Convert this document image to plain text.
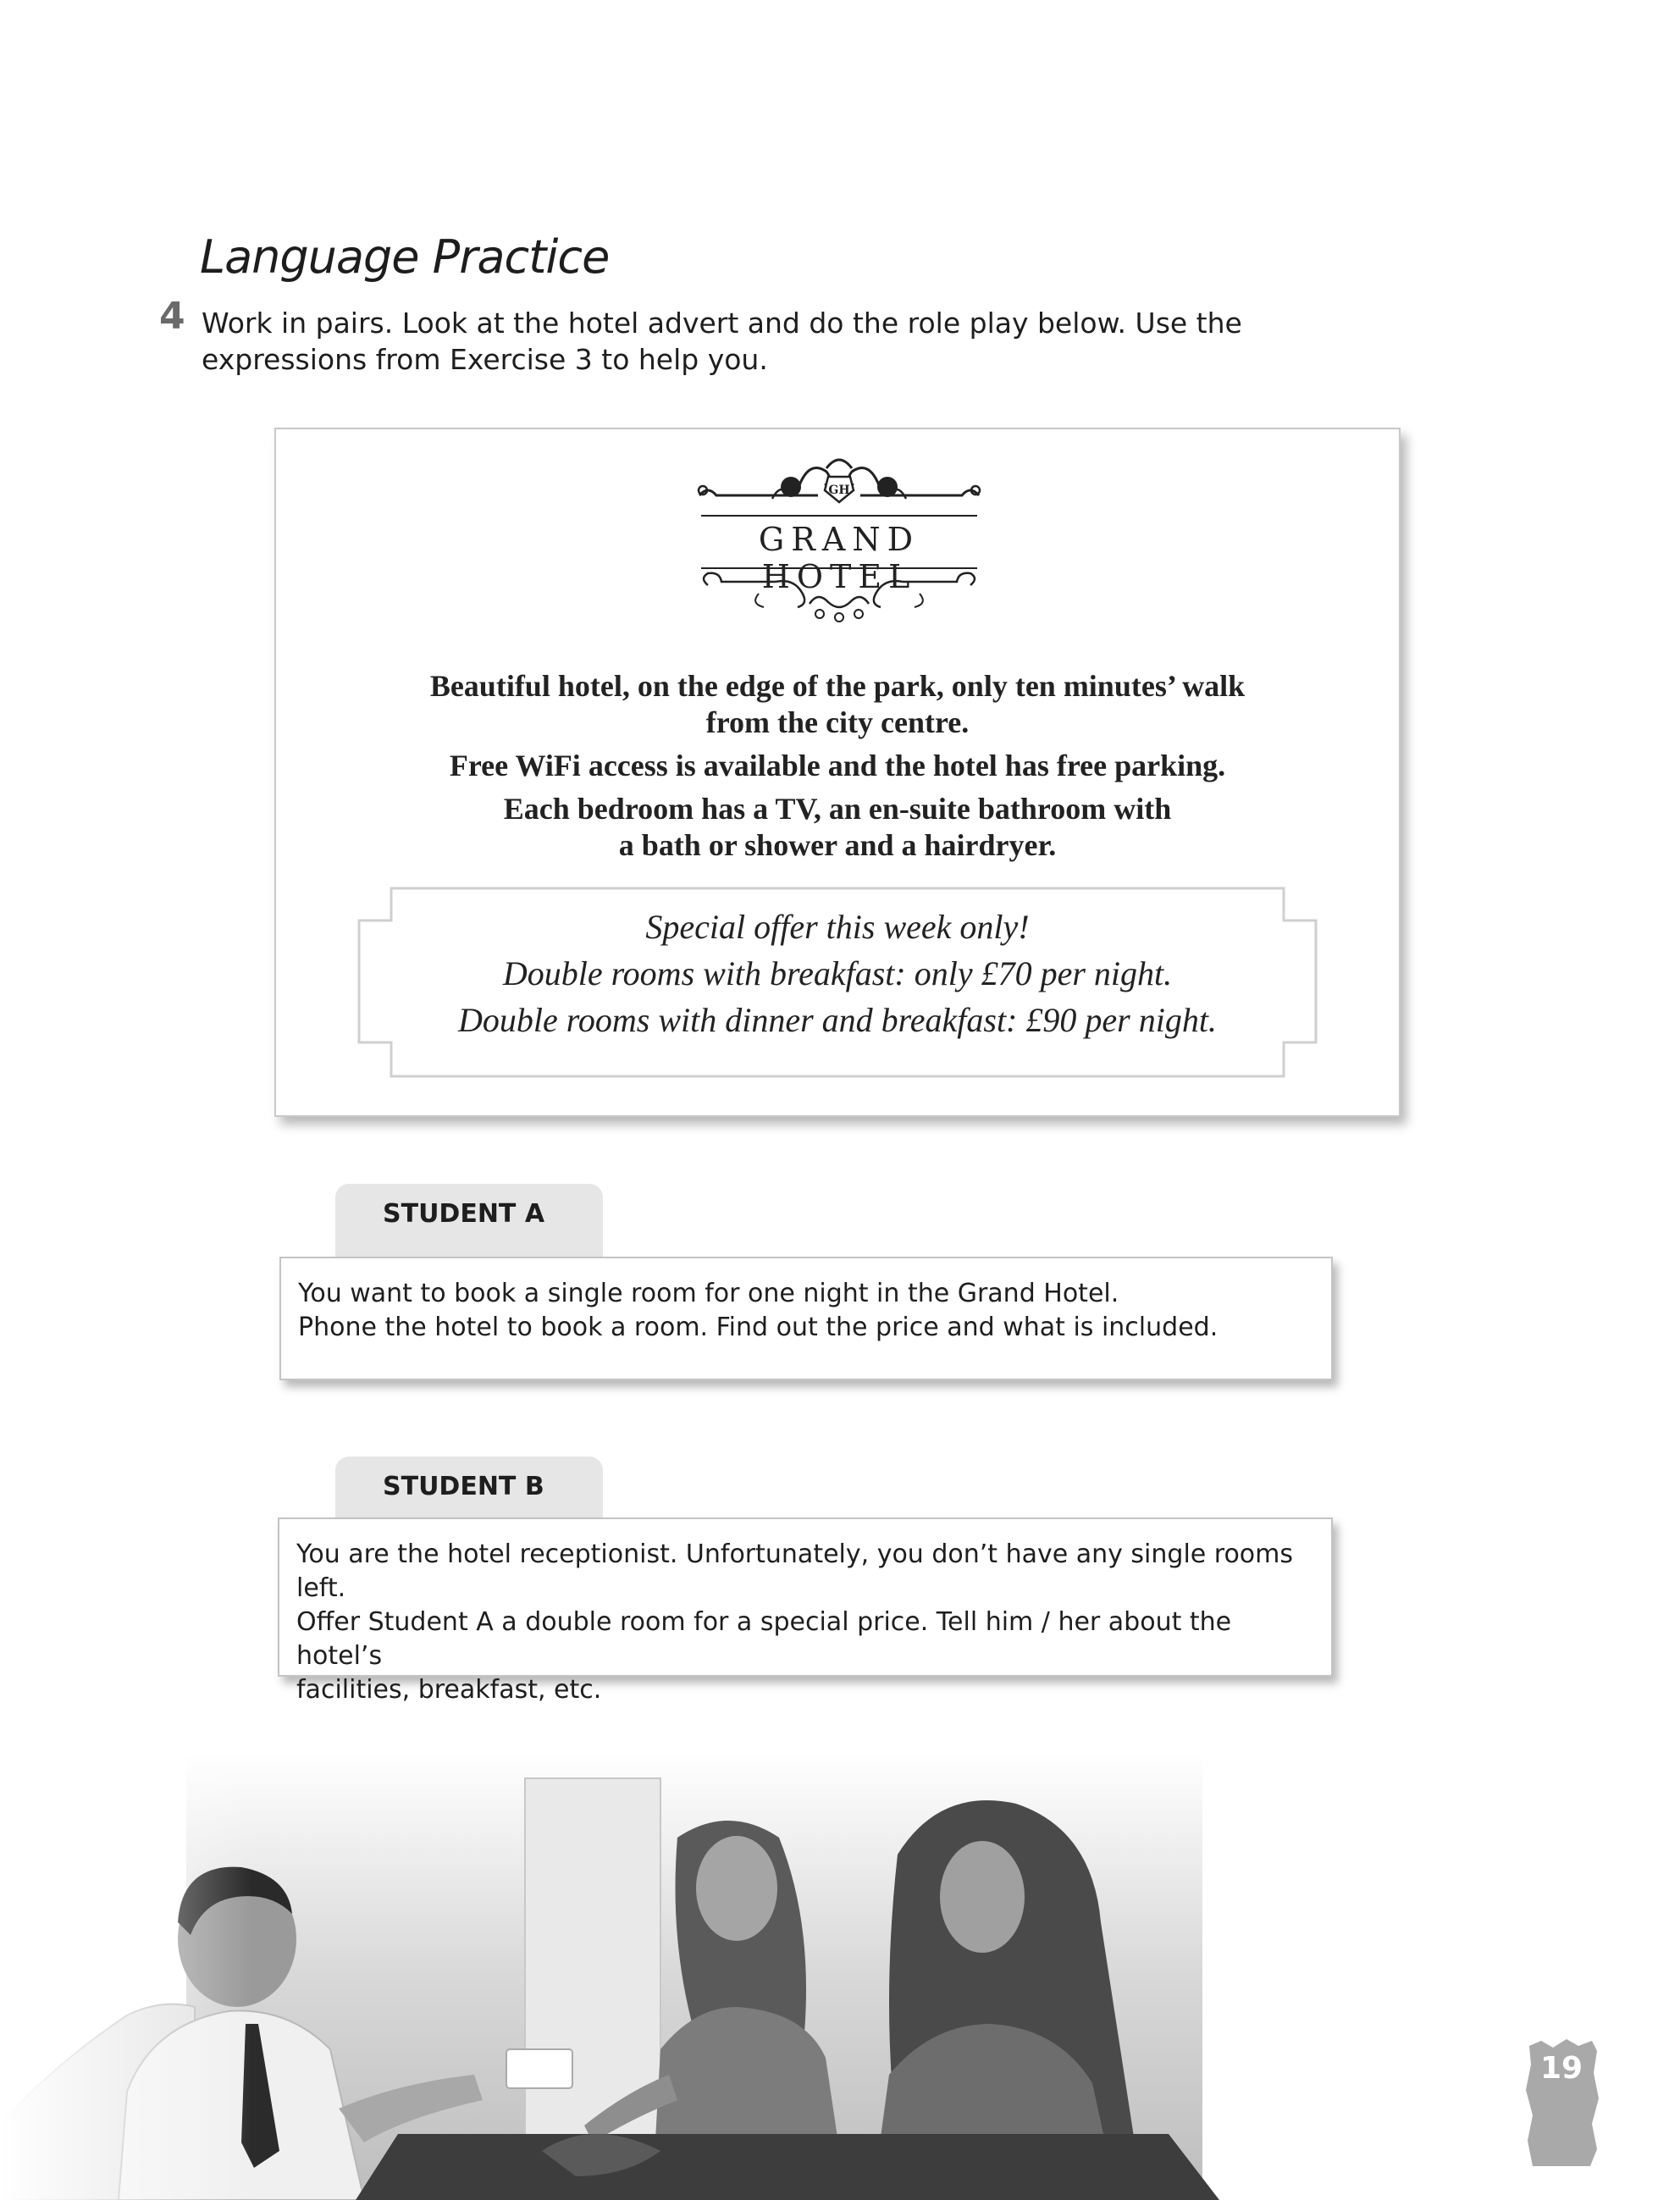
Language Practice
4 Work in pairs. Look at the hotel advert and do the role play below. Use the
expressions from Exercise 3 to help you.
GH
GRAND HOTEL

Beautiful hotel, on the edge of the park, only ten minutes’ walk
from the city centre.

Free WiFi access is available and the hotel has free parking.

Each bedroom has a TV, an en-suite bathroom with
a bath or shower and a hairdryer.

Special offer this week only!
Double rooms with breakfast: only £70 per night.
Double rooms with dinner and breakfast: £90 per night.
STUDENT A

You want to book a single room for one night in the Grand Hotel.

Phone the hotel to book a room. Find out the price and what is included.

STUDENT B

You are the hotel receptionist. Unfortunately, you don’t have any single rooms left.

Offer Student A a double room for a special price. Tell him / her about the hotel’s

facilities, breakfast, etc.

19
